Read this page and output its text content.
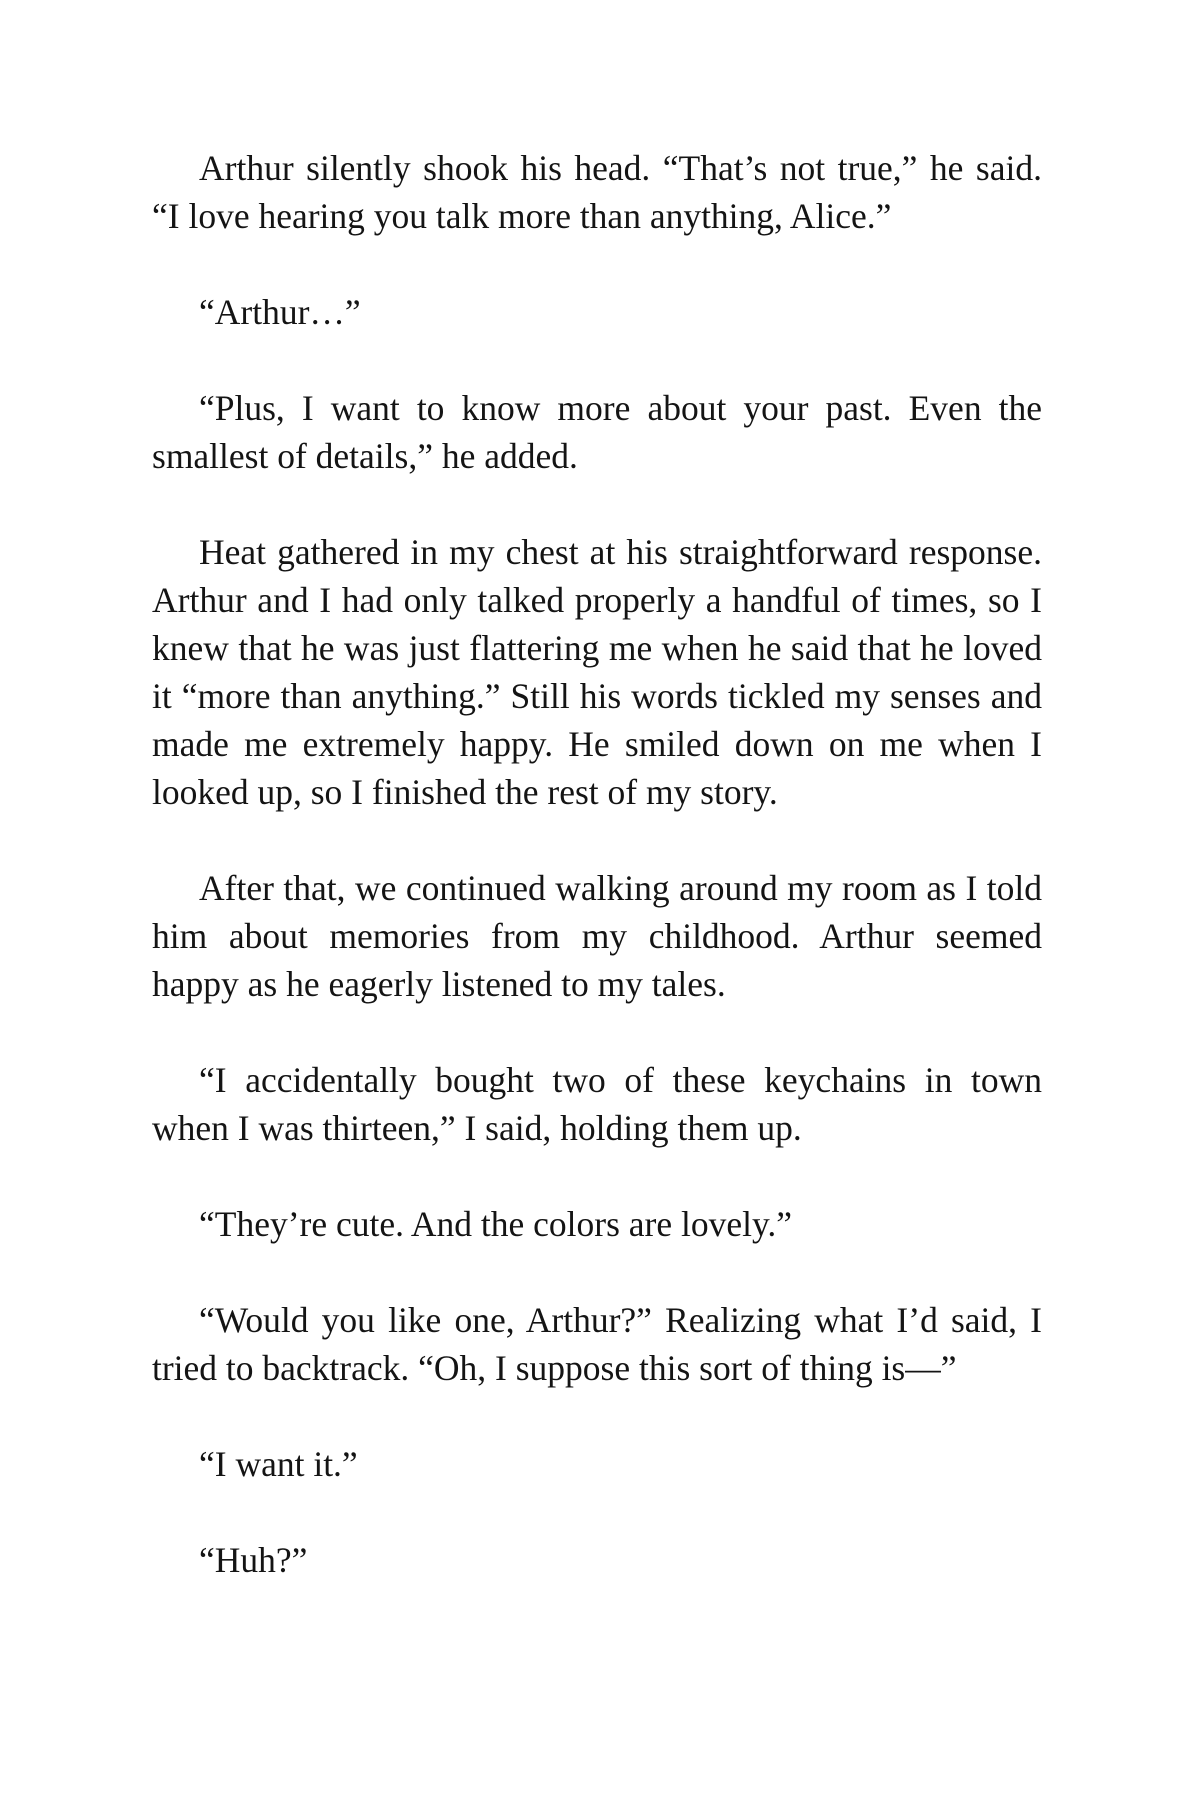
Arthur silently shook his head. “That’s not true,” he said. “I love hearing you talk more than anything, Alice.”

“Arthur…”

“Plus, I want to know more about your past. Even the smallest of details,” he added.

Heat gathered in my chest at his straightforward response. Arthur and I had only talked properly a handful of times, so I knew that he was just flattering me when he said that he loved it “more than anything.” Still his words tickled my senses and made me extremely happy. He smiled down on me when I looked up, so I finished the rest of my story.

After that, we continued walking around my room as I told him about memories from my childhood. Arthur seemed happy as he eagerly listened to my tales.

“I accidentally bought two of these keychains in town when I was thirteen,” I said, holding them up.

“They’re cute. And the colors are lovely.”

“Would you like one, Arthur?” Realizing what I’d said, I tried to backtrack. “Oh, I suppose this sort of thing is—”

“I want it.”

“Huh?”
